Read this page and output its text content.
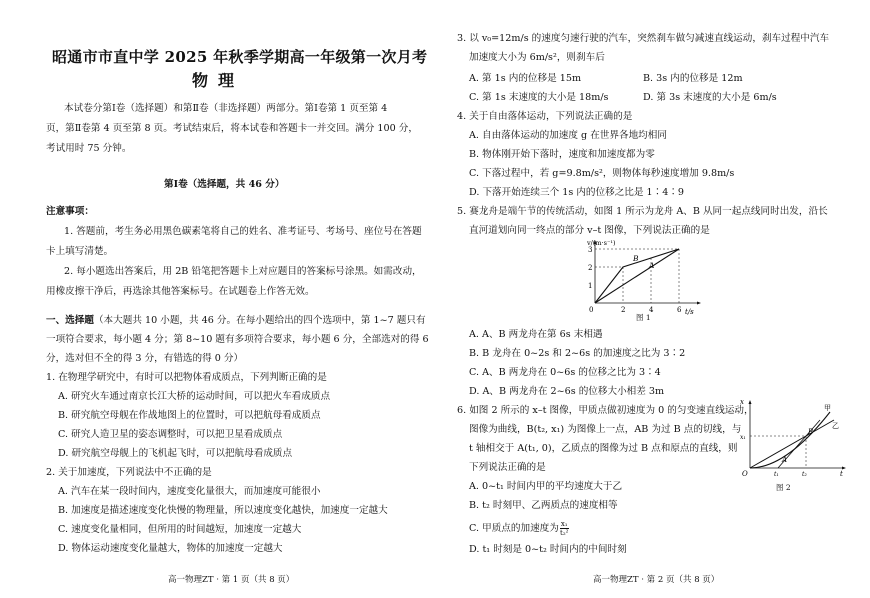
昭通市市直中学 2025 年秋季学期高一年级第一次月考
物理
本试卷分第Ⅰ卷（选择题）和第Ⅱ卷（非选择题）两部分。第Ⅰ卷第 1 页至第 4
页，第Ⅱ卷第 4 页至第 8 页。考试结束后，将本试卷和答题卡一并交回。满分 100 分，
考试用时 75 分钟。
第Ⅰ卷（选择题，共 46 分）
注意事项：
1. 答题前，考生务必用黑色碳素笔将自己的姓名、准考证号、考场号、座位号在答题
卡上填写清楚。
2. 每小题选出答案后，用 2B 铅笔把答题卡上对应题目的答案标号涂黑。如需改动，
用橡皮擦干净后，再选涂其他答案标号。在试题卷上作答无效。
一、选择题（本大题共 10 小题，共 46 分。在每小题给出的四个选项中，第 1~7 题只有
一项符合要求，每小题 4 分；第 8~10 题有多项符合要求，每小题 6 分，全部选对的得 6
分，选对但不全的得 3 分，有错选的得 0 分）
1. 在物理学研究中，有时可以把物体看成质点，下列判断正确的是
A. 研究火车通过南京长江大桥的运动时间，可以把火车看成质点
B. 研究航空母舰在作战地图上的位置时，可以把航母看成质点
C. 研究人造卫星的姿态调整时，可以把卫星看成质点
D. 研究航空母舰上的飞机起飞时，可以把航母看成质点
2. 关于加速度，下列说法中不正确的是
A. 汽车在某一段时间内，速度变化量很大，而加速度可能很小
B. 加速度是描述速度变化快慢的物理量，所以速度变化越快，加速度一定越大
C. 速度变化量相同，但所用的时间越短，加速度一定越大
D. 物体运动速度变化量越大，物体的加速度一定越大
高一物理ZT · 第 1 页（共 8 页）
3. 以 v₀=12m/s 的速度匀速行驶的汽车，突然刹车做匀减速直线运动，刹车过程中汽车
加速度大小为 6m/s²，则刹车后
A. 第 1s 内的位移是 15m	B. 3s 内的位移是 12m
C. 第 1s 末速度的大小是 18m/s	D. 第 3s 末速度的大小是 6m/s
4. 关于自由落体运动，下列说法正确的是
A. 自由落体运动的加速度 g 在世界各地均相同
B. 物体刚开始下落时，速度和加速度都为零
C. 下落过程中，若 g=9.8m/s²，则物体每秒速度增加 9.8m/s
D. 下落开始连续三个 1s 内的位移之比是 1∶4∶9
5. 赛龙舟是端午节的传统活动，如图 1 所示为龙舟 A、B 从同一起点线同时出发，沿长
直河道划向同一终点的部分 v–t 图像，下列说法正确的是
v/(m·s⁻¹)
t/s
3
2
1
0	2	4	6
A
B
图 1
A. A、B 两龙舟在第 6s 末相遇
B. B 龙舟在 0~2s 和 2~6s 的加速度之比为 3∶2
C. A、B 两龙舟在 0~6s 的位移之比为 3∶4
D. A、B 两龙舟在 2~6s 的位移大小相差 3m
6. 如图 2 所示的 x–t 图像，甲质点做初速度为 0 的匀变速直线运动，
图像为曲线，B(t₂, x₁) 为图像上一点，AB 为过 B 点的切线，与
t 轴相交于 A(t₁, 0)，乙质点的图像为过 B 点和原点的直线，则
下列说法正确的是
x
t
O
x₁
t₁	t₂
甲
乙
A
B
图 2
A. 0~t₁ 时间内甲的平均速度大于乙
B. t₂ 时刻甲、乙两质点的速度相等
C. 甲质点的加速度为 $\frac{\text{x₁}}{\text{t₂²}}$
D. t₁ 时刻是 0~t₂ 时间内的中间时刻
高一物理ZT · 第 2 页（共 8 页）
